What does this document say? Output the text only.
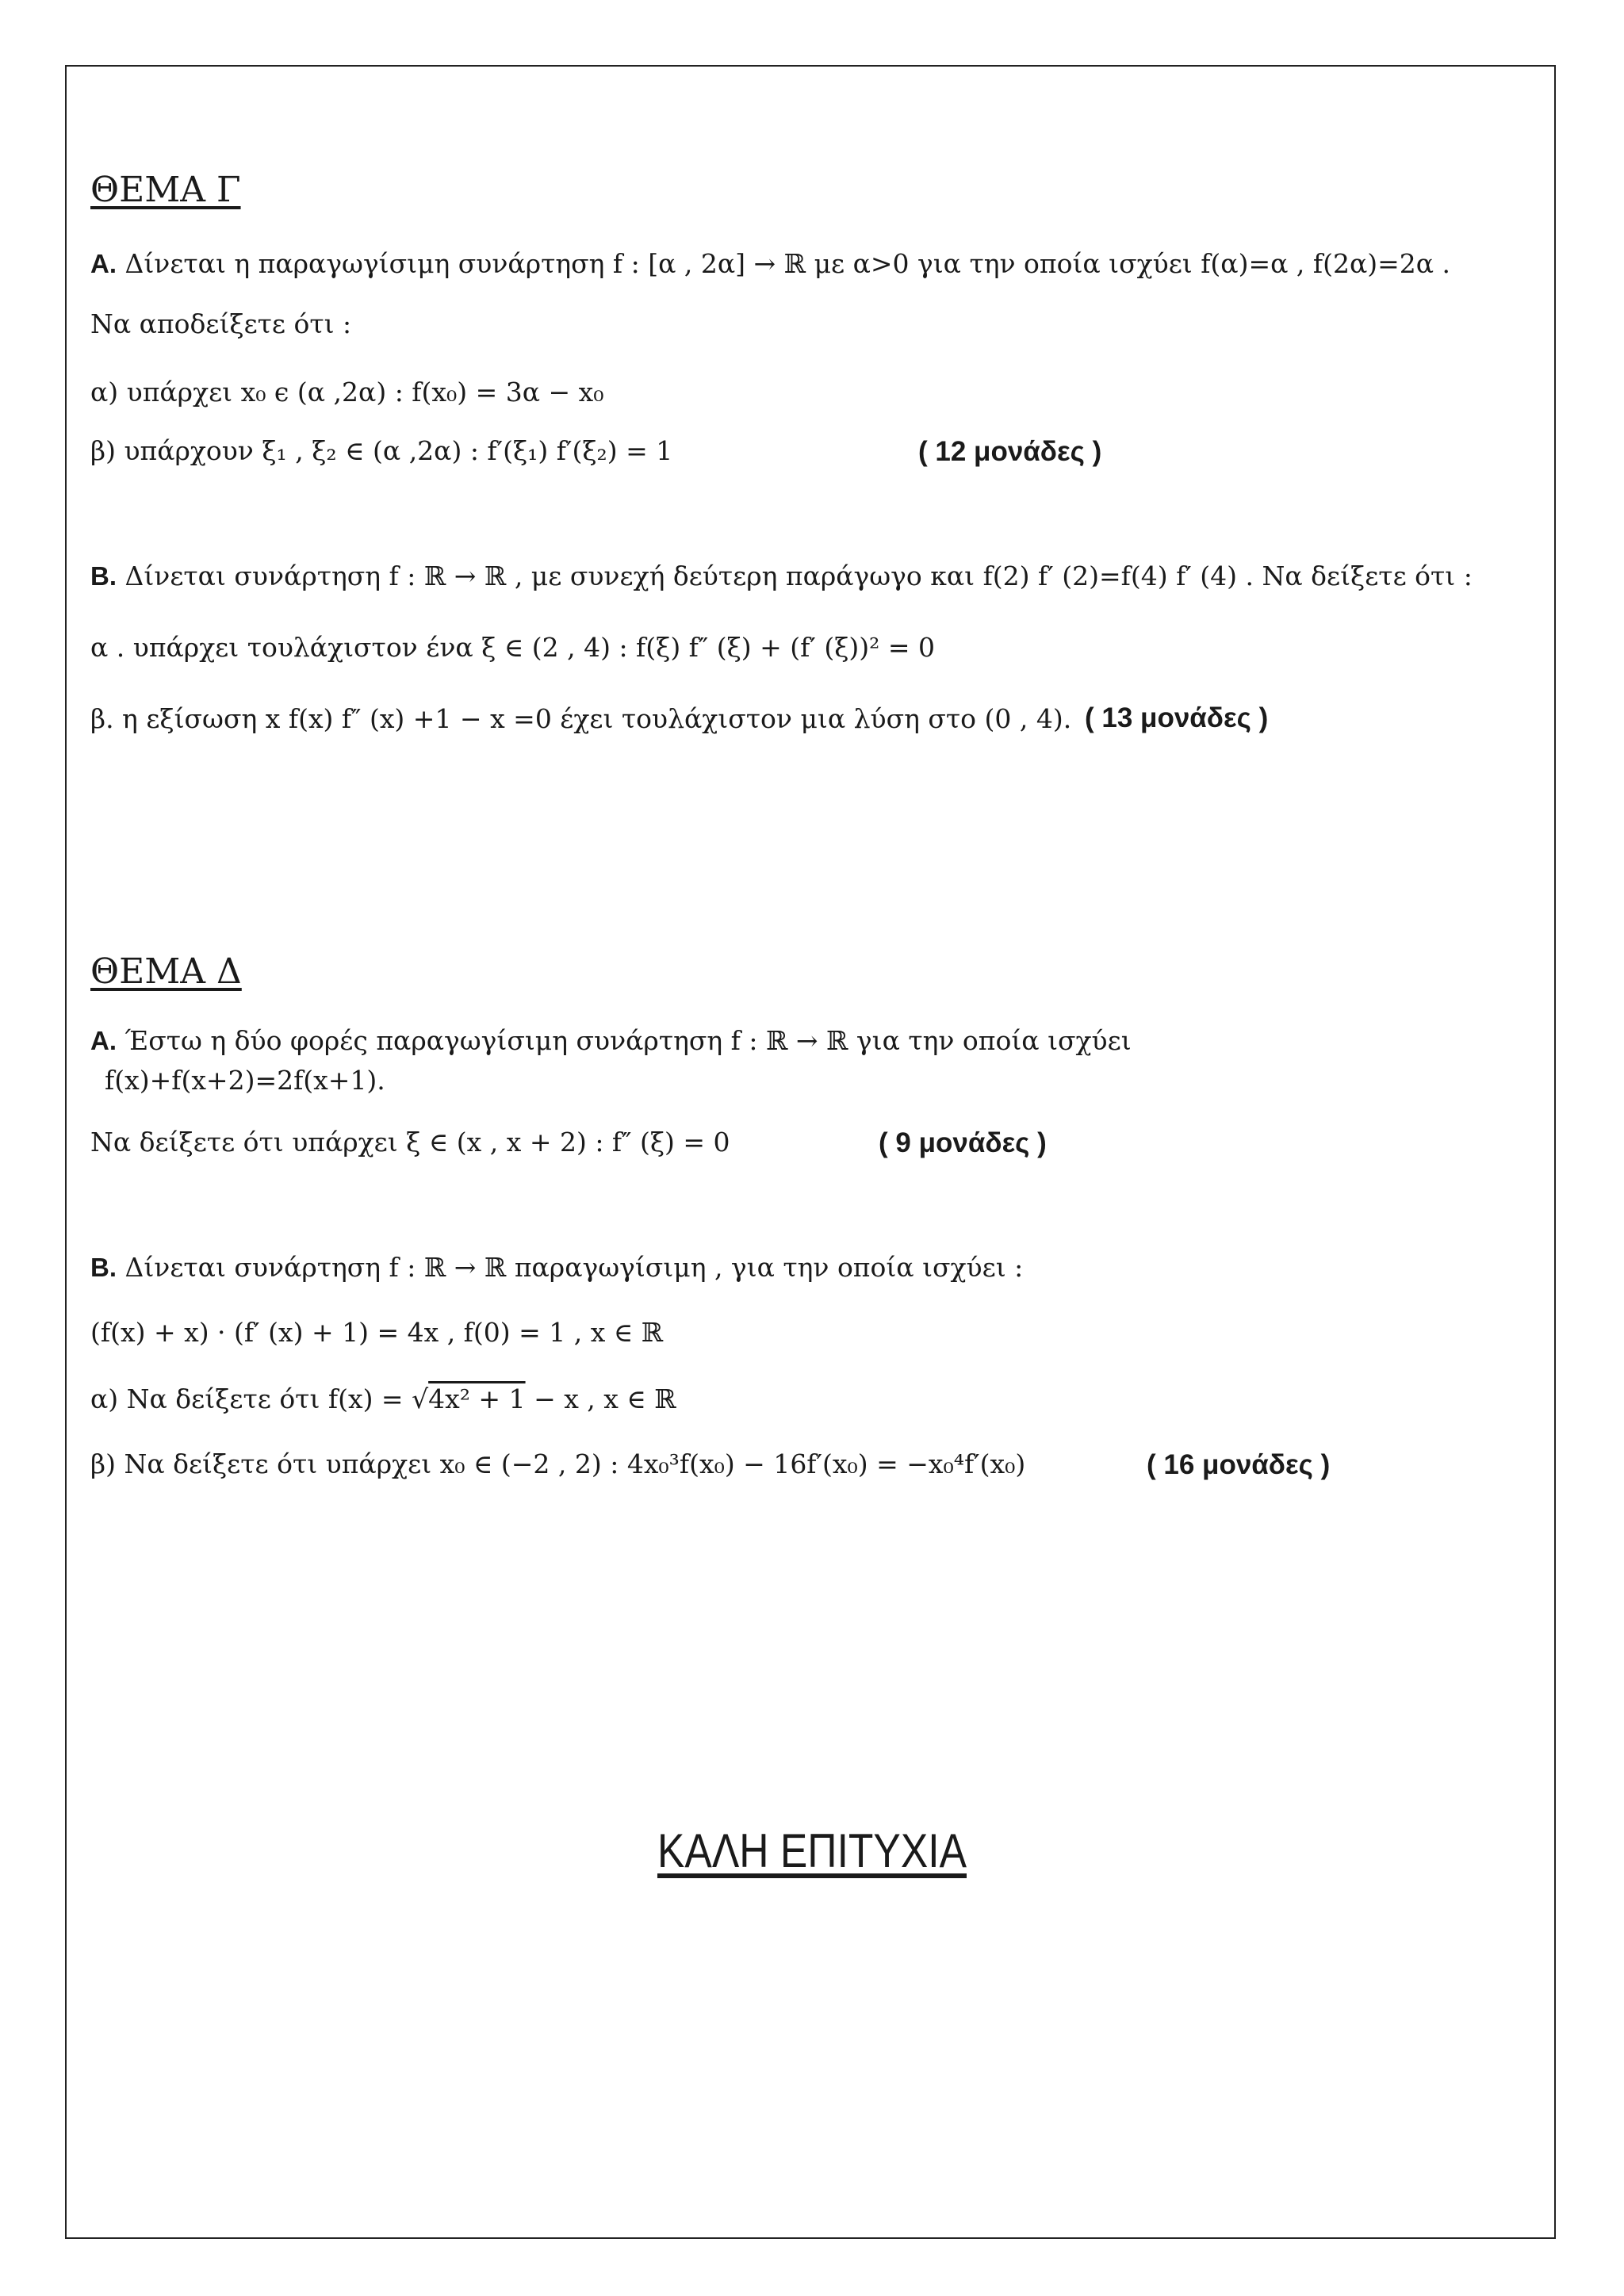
ΘΕΜΑ Γ
Α. Δίνεται η παραγωγίσιμη συνάρτηση f : [α , 2α] → ℝ με α>0 για την οποία ισχύει f(α)=α , f(2α)=2α .
Να αποδείξετε ότι :
α) υπάρχει x₀ ϵ (α ,2α) : f(x₀) = 3α − x₀
β) υπάρχουν ξ₁ , ξ₂ ∈ (α ,2α) : f′(ξ₁) f′(ξ₂) = 1	( 12 μονάδες )
Β. Δίνεται συνάρτηση f : ℝ → ℝ , με συνεχή δεύτερη παράγωγο και f(2) f′ (2)=f(4) f′ (4) . Να δείξετε ότι :
α . υπάρχει τουλάχιστον ένα ξ ∈ (2 , 4) : f(ξ) f″ (ξ) + (f′ (ξ))² = 0
β. η εξίσωση x f(x) f″ (x) +1 − x =0 έχει τουλάχιστον μια λύση στο (0 , 4). ( 13 μονάδες )
ΘΕΜΑ Δ
Α. Έστω η δύο φορές παραγωγίσιμη συνάρτηση f : ℝ → ℝ για την οποία ισχύει
f(x)+f(x+2)=2f(x+1).
Να δείξετε ότι υπάρχει ξ ∈ (x , x + 2) : f″ (ξ) = 0	( 9 μονάδες )
Β. Δίνεται συνάρτηση f : ℝ → ℝ παραγωγίσιμη , για την οποία ισχύει :
(f(x) + x) · (f′ (x) + 1) = 4x , f(0) = 1 , x ∈ ℝ
α) Να δείξετε ότι f(x) = √4x² + 1 − x , x ∈ ℝ
β) Να δείξετε ότι υπάρχει x₀ ∈ (−2 , 2) : 4x₀³f(x₀) − 16f′(x₀) = −x₀⁴f′(x₀)	( 16 μονάδες )
ΚΑΛΗ ΕΠΙΤΥΧΙΑ
